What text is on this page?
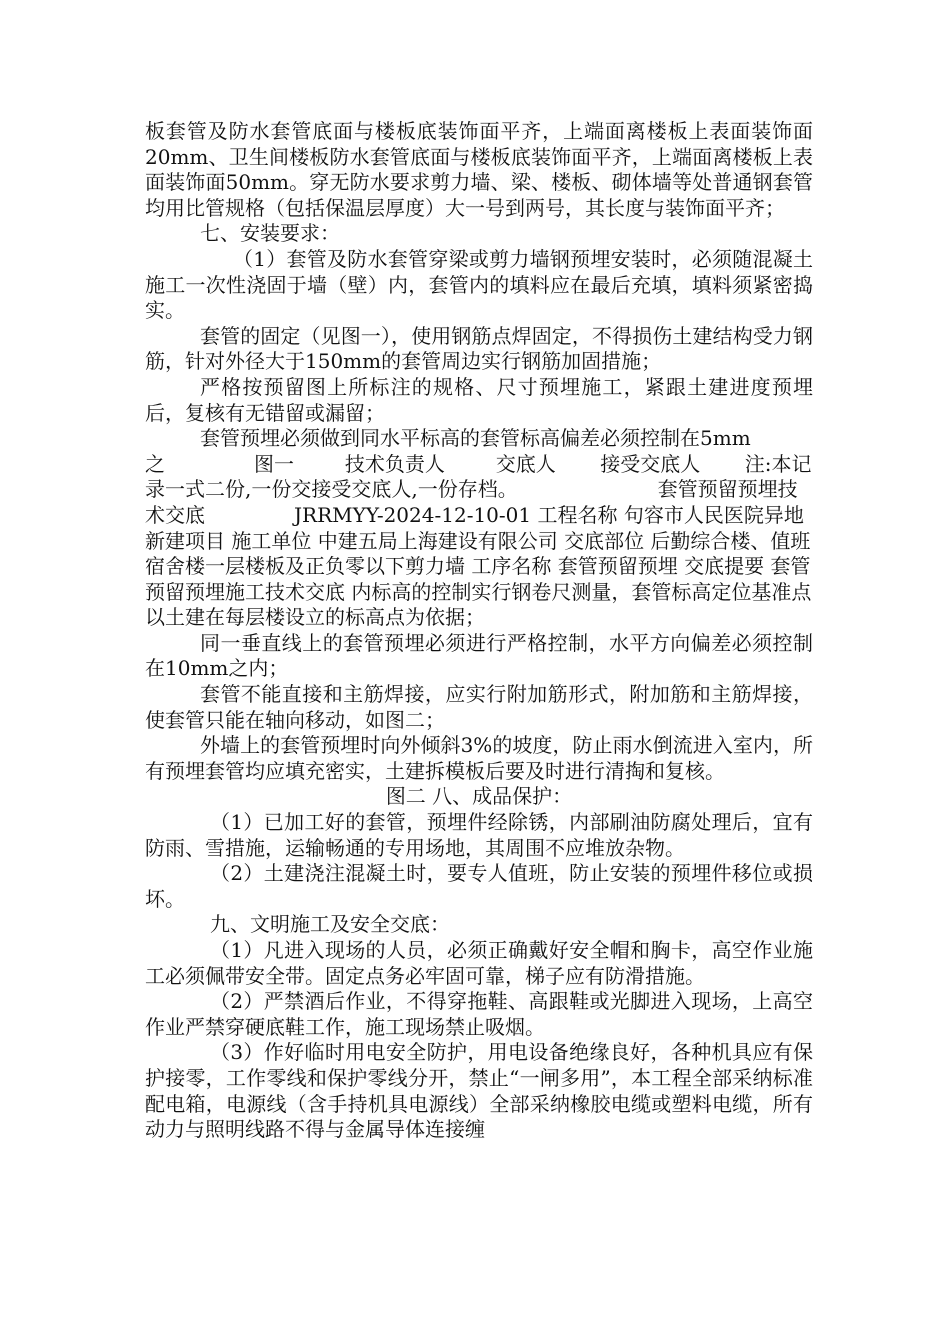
板套管及防水套管底面与楼板底装饰面平齐，上端面离楼板上表面装饰面20mm、卫生间楼板防水套管底面与楼板底装饰面平齐，上端面离楼板上表面装饰面50mm。穿无防水要求剪力墙、梁、楼板、砌体墙等处普通钢套管均用比管规格（包括保温层厚度）大一号到两号，其长度与装饰面平齐；

七、安装要求：

（1）套管及防水套管穿梁或剪力墙钢预埋安装时，必须随混凝土施工一次性浇固于墙（壁）内，套管内的填料应在最后充填，填料须紧密捣实。

套管的固定（见图一），使用钢筋点焊固定，不得损伤土建结构受力钢筋，针对外径大于150mm的套管周边实行钢筋加固措施；

严格按预留图上所标注的规格、尺寸预埋施工，紧跟土建进度预埋后，复核有无错留或漏留；

套管预埋必须做到同水平标高的套管标高偏差必须控制在5mm之              图一        技术负责人        交底人       接受交底人       注:本记录一式二份,一份交接受交底人,一份存档。                      套管预留预埋技术交底              JRRMYY-2024-12-10-01 工程名称 句容市人民医院异地新建项目 施工单位 中建五局上海建设有限公司 交底部位 后勤综合楼、值班宿舍楼一层楼板及正负零以下剪力墙 工序名称 套管预留预埋 交底提要 套管预留预埋施工技术交底 内标高的控制实行钢卷尺测量，套管标高定位基准点以土建在每层楼设立的标高点为依据；

同一垂直线上的套管预埋必须进行严格控制，水平方向偏差必须控制在10mm之内；

套管不能直接和主筋焊接，应实行附加筋形式，附加筋和主筋焊接，使套管只能在轴向移动，如图二；

外墙上的套管预埋时向外倾斜3%的坡度，防止雨水倒流进入室内，所有预埋套管均应填充密实，土建拆模板后要及时进行清掏和复核。

图二 八、成品保护：

（1）已加工好的套管，预埋件经除锈，内部刷油防腐处理后，宜有防雨、雪措施，运输畅通的专用场地，其周围不应堆放杂物。

（2）土建浇注混凝土时，要专人值班，防止安装的预埋件移位或损坏。

九、文明施工及安全交底：

（1）凡进入现场的人员，必须正确戴好安全帽和胸卡，高空作业施工必须佩带安全带。固定点务必牢固可靠，梯子应有防滑措施。

（2）严禁酒后作业，不得穿拖鞋、高跟鞋或光脚进入现场，上高空作业严禁穿硬底鞋工作，施工现场禁止吸烟。

（3）作好临时用电安全防护，用电设备绝缘良好，各种机具应有保护接零，工作零线和保护零线分开，禁止“一闸多用”，本工程全部采纳标准配电箱，电源线（含手持机具电源线）全部采纳橡胶电缆或塑料电缆，所有动力与照明线路不得与金属导体连接缠
